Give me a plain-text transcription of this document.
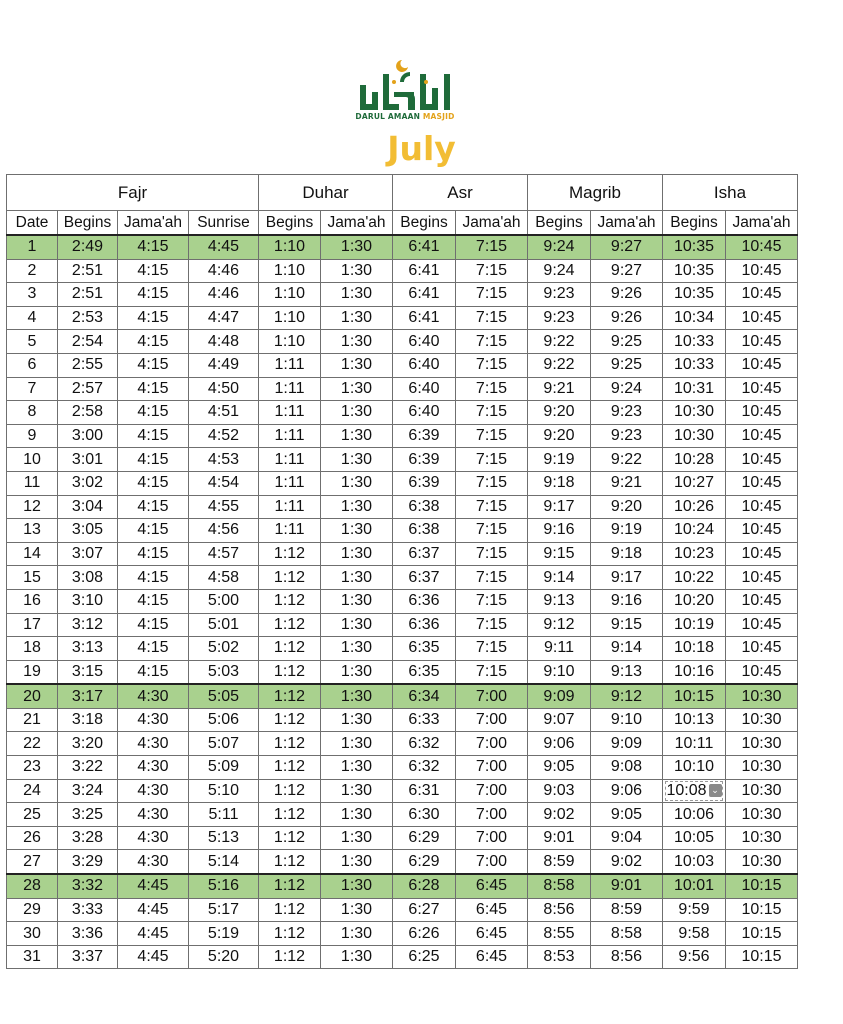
DARUL AMAAN MASJID
July
Fajr				Duhar		Asr		Magrib		Isha	
Date	Begins	Jama'ah	Sunrise	Begins	Jama'ah	Begins	Jama'ah	Begins	Jama'ah	Begins	Jama'ah
1	2:49	4:15	4:45	1:10	1:30	6:41	7:15	9:24	9:27	10:35	10:45
2	2:51	4:15	4:46	1:10	1:30	6:41	7:15	9:24	9:27	10:35	10:45
3	2:51	4:15	4:46	1:10	1:30	6:41	7:15	9:23	9:26	10:35	10:45
4	2:53	4:15	4:47	1:10	1:30	6:41	7:15	9:23	9:26	10:34	10:45
5	2:54	4:15	4:48	1:10	1:30	6:40	7:15	9:22	9:25	10:33	10:45
6	2:55	4:15	4:49	1:11	1:30	6:40	7:15	9:22	9:25	10:33	10:45
7	2:57	4:15	4:50	1:11	1:30	6:40	7:15	9:21	9:24	10:31	10:45
8	2:58	4:15	4:51	1:11	1:30	6:40	7:15	9:20	9:23	10:30	10:45
9	3:00	4:15	4:52	1:11	1:30	6:39	7:15	9:20	9:23	10:30	10:45
10	3:01	4:15	4:53	1:11	1:30	6:39	7:15	9:19	9:22	10:28	10:45
11	3:02	4:15	4:54	1:11	1:30	6:39	7:15	9:18	9:21	10:27	10:45
12	3:04	4:15	4:55	1:11	1:30	6:38	7:15	9:17	9:20	10:26	10:45
13	3:05	4:15	4:56	1:11	1:30	6:38	7:15	9:16	9:19	10:24	10:45
14	3:07	4:15	4:57	1:12	1:30	6:37	7:15	9:15	9:18	10:23	10:45
15	3:08	4:15	4:58	1:12	1:30	6:37	7:15	9:14	9:17	10:22	10:45
16	3:10	4:15	5:00	1:12	1:30	6:36	7:15	9:13	9:16	10:20	10:45
17	3:12	4:15	5:01	1:12	1:30	6:36	7:15	9:12	9:15	10:19	10:45
18	3:13	4:15	5:02	1:12	1:30	6:35	7:15	9:11	9:14	10:18	10:45
19	3:15	4:15	5:03	1:12	1:30	6:35	7:15	9:10	9:13	10:16	10:45
20	3:17	4:30	5:05	1:12	1:30	6:34	7:00	9:09	9:12	10:15	10:30
21	3:18	4:30	5:06	1:12	1:30	6:33	7:00	9:07	9:10	10:13	10:30
22	3:20	4:30	5:07	1:12	1:30	6:32	7:00	9:06	9:09	10:11	10:30
23	3:22	4:30	5:09	1:12	1:30	6:32	7:00	9:05	9:08	10:10	10:30
24	3:24	4:30	5:10	1:12	1:30	6:31	7:00	9:03	9:06	10:08 ⌄	10:30
25	3:25	4:30	5:11	1:12	1:30	6:30	7:00	9:02	9:05	10:06	10:30
26	3:28	4:30	5:13	1:12	1:30	6:29	7:00	9:01	9:04	10:05	10:30
27	3:29	4:30	5:14	1:12	1:30	6:29	7:00	8:59	9:02	10:03	10:30
28	3:32	4:45	5:16	1:12	1:30	6:28	6:45	8:58	9:01	10:01	10:15
29	3:33	4:45	5:17	1:12	1:30	6:27	6:45	8:56	8:59	9:59	10:15
30	3:36	4:45	5:19	1:12	1:30	6:26	6:45	8:55	8:58	9:58	10:15
31	3:37	4:45	5:20	1:12	1:30	6:25	6:45	8:53	8:56	9:56	10:15
